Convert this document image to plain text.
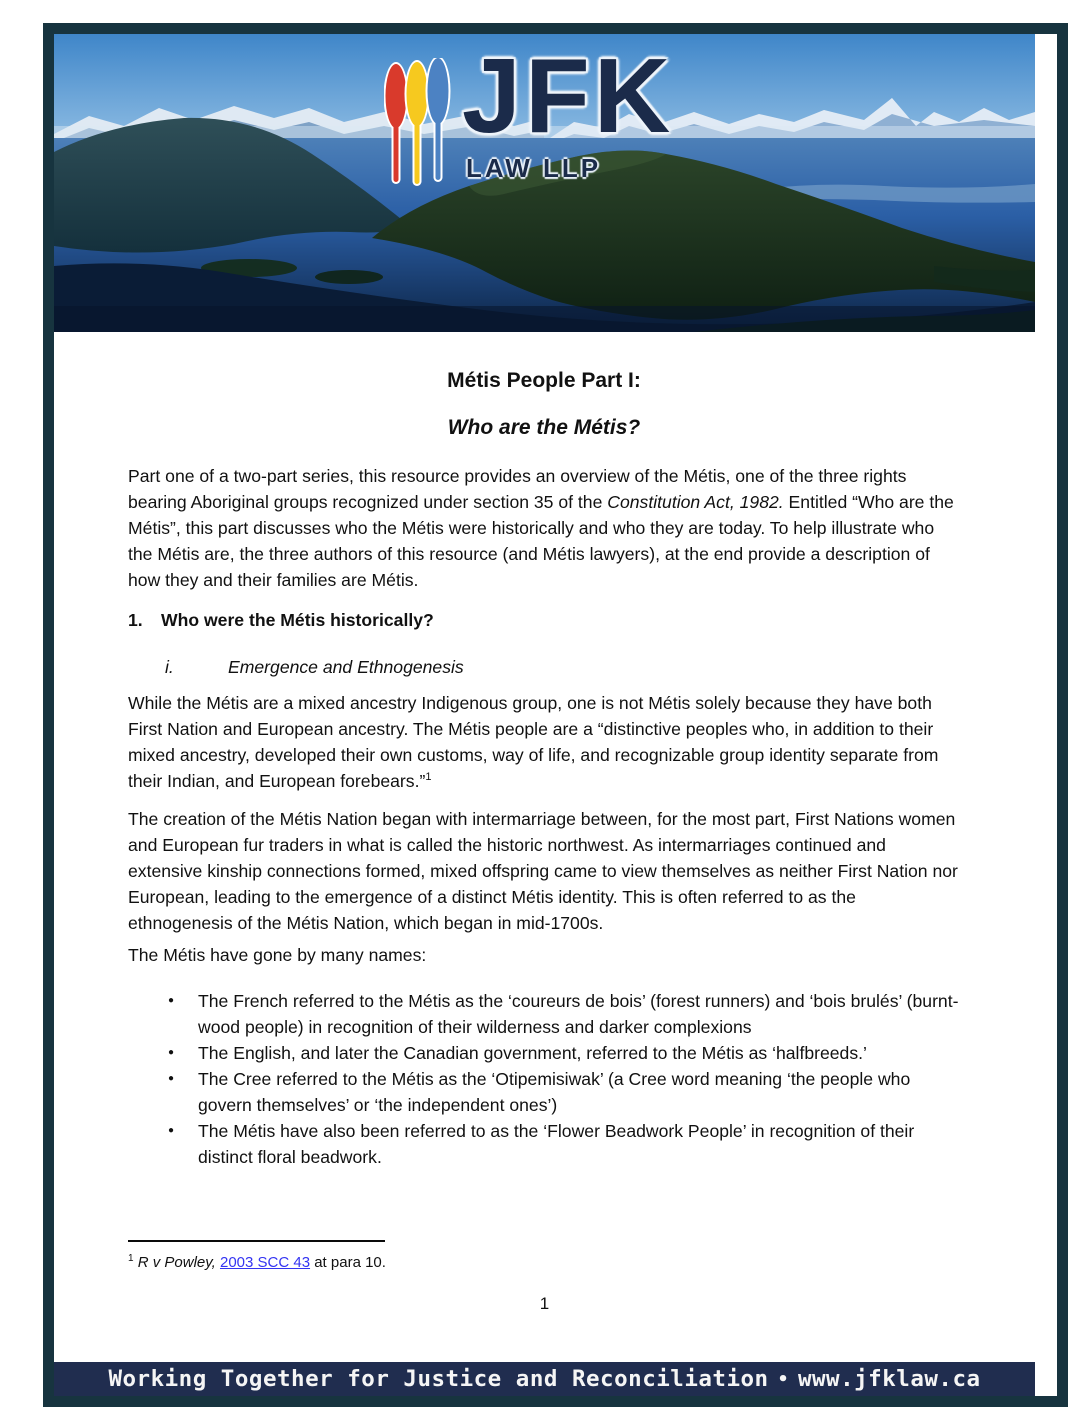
JFK
LAW LLP
Métis People Part I:
Who are the Métis?

Part one of a two-part series, this resource provides an overview of the Métis, one of the three rights bearing Aboriginal groups recognized under section 35 of the Constitution Act, 1982. Entitled “Who are the Métis”, this part discusses who the Métis were historically and who they are today. To help illustrate who the Métis are, the three authors of this resource (and Métis lawyers), at the end provide a description of how they and their families are Métis.

1.	Who were the Métis historically?
i.	Emergence and Ethnogenesis

While the Métis are a mixed ancestry Indigenous group, one is not Métis solely because they have both First Nation and European ancestry. The Métis people are a “distinctive peoples who, in addition to their mixed ancestry, developed their own customs, way of life, and recognizable group identity separate from their Indian, and European forebears.”$^1$

The creation of the Métis Nation began with intermarriage between, for the most part, First Nations women and European fur traders in what is called the historic northwest. As intermarriages continued and extensive kinship connections formed, mixed offspring came to view themselves as neither First Nation nor European, leading to the emergence of a distinct Métis identity. This is often referred to as the ethnogenesis of the Métis Nation, which began in mid-1700s.

The Métis have gone by many names:

●	The French referred to the Métis as the ‘coureurs de bois’ (forest runners) and ‘bois brulés’ (burnt-wood people) in recognition of their wilderness and darker complexions
●	The English, and later the Canadian government, referred to the Métis as ‘halfbreeds.’
●	The Cree referred to the Métis as the ‘Otipemisiwak’ (a Cree word meaning ‘the people who govern themselves’ or ‘the independent ones’)
●	The Métis have also been referred to as the ‘Flower Beadwork People’ in recognition of their distinct floral beadwork.

$^1$ R v Powley, 2003 SCC 43 at para 10.

1
Working Together for Justice and Reconciliation • www.jfklaw.ca
